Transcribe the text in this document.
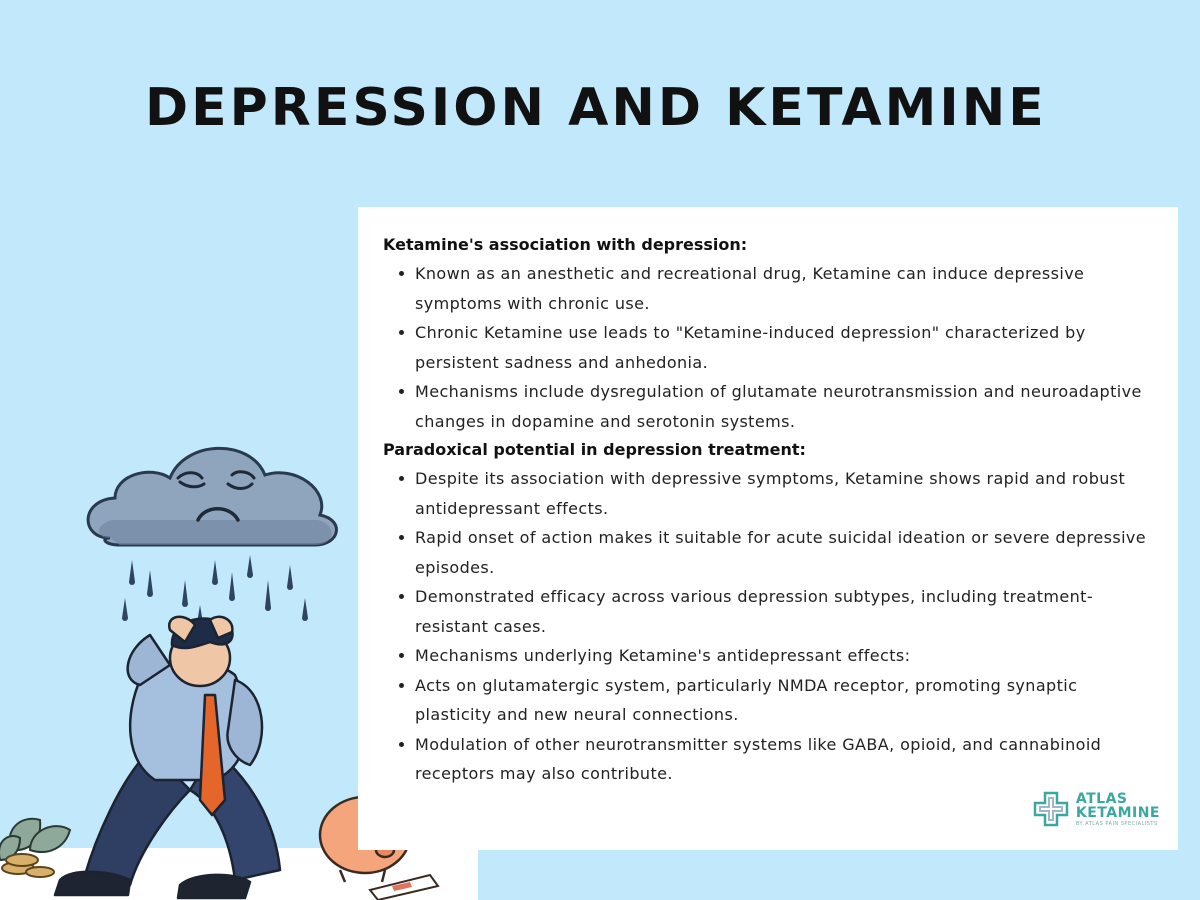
DEPRESSION AND KETAMINE

Ketamine's association with depression:

Known as an anesthetic and recreational drug, Ketamine can induce depressive symptoms with chronic use.
Chronic Ketamine use leads to "Ketamine-induced depression" characterized by persistent sadness and anhedonia.
Mechanisms include dysregulation of glutamate neurotransmission and neuroadaptive changes in dopamine and serotonin systems.

Paradoxical potential in depression treatment:

Despite its association with depressive symptoms, Ketamine shows rapid and robust antidepressant effects.
Rapid onset of action makes it suitable for acute suicidal ideation or severe depressive episodes.
Demonstrated efficacy across various depression subtypes, including treatment-resistant cases.
Mechanisms underlying Ketamine's antidepressant effects:
Acts on glutamatergic system, particularly NMDA receptor, promoting synaptic plasticity and new neural connections.
Modulation of other neurotransmitter systems like GABA, opioid, and cannabinoid receptors may also contribute.
ATLAS
KETAMINE
BY ATLAS PAIN SPECIALISTS
